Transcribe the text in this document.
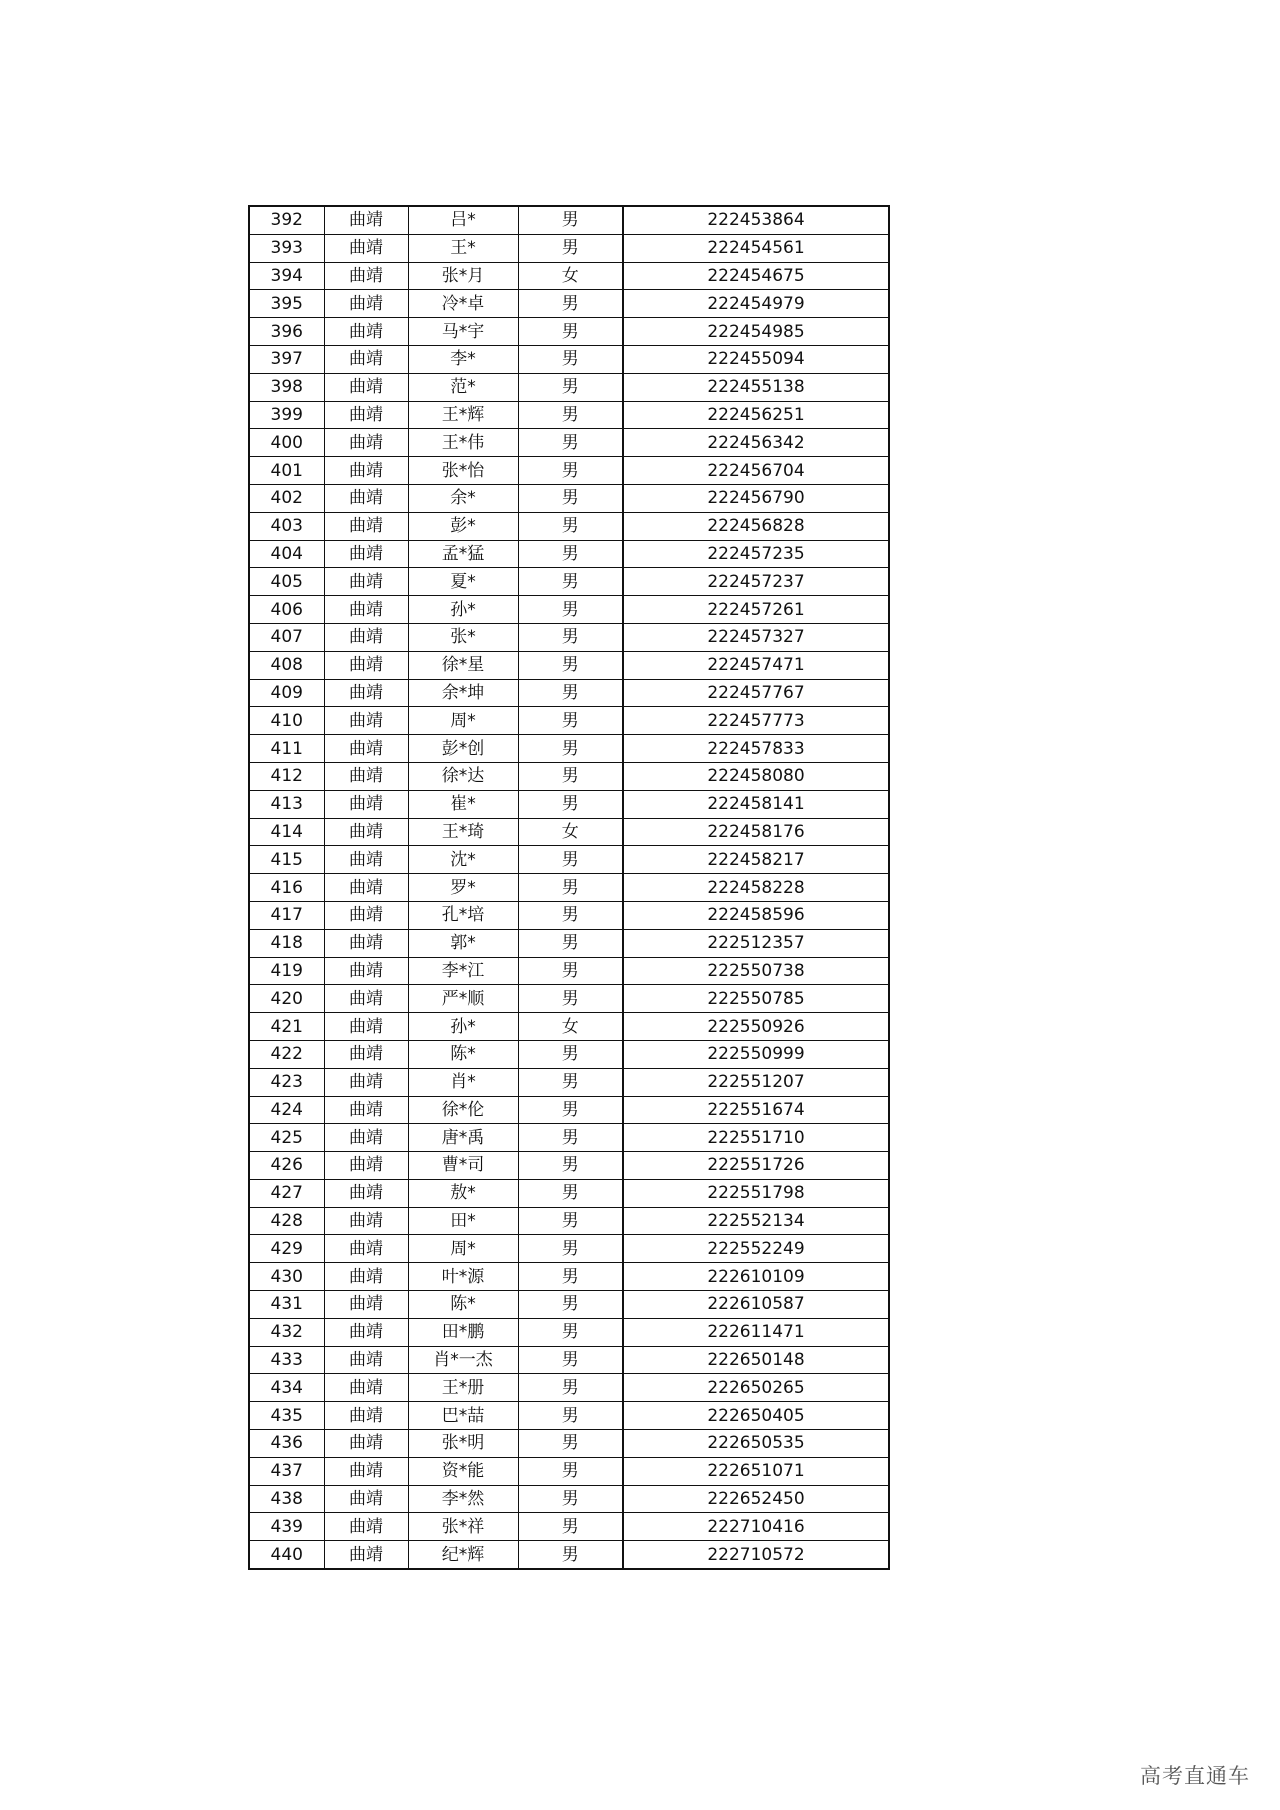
392	曲靖	吕*	男	222453864
393	曲靖	王*	男	222454561
394	曲靖	张*月	女	222454675
395	曲靖	冷*卓	男	222454979
396	曲靖	马*宇	男	222454985
397	曲靖	李*	男	222455094
398	曲靖	范*	男	222455138
399	曲靖	王*辉	男	222456251
400	曲靖	王*伟	男	222456342
401	曲靖	张*怡	男	222456704
402	曲靖	余*	男	222456790
403	曲靖	彭*	男	222456828
404	曲靖	孟*猛	男	222457235
405	曲靖	夏*	男	222457237
406	曲靖	孙*	男	222457261
407	曲靖	张*	男	222457327
408	曲靖	徐*星	男	222457471
409	曲靖	余*坤	男	222457767
410	曲靖	周*	男	222457773
411	曲靖	彭*创	男	222457833
412	曲靖	徐*达	男	222458080
413	曲靖	崔*	男	222458141
414	曲靖	王*琦	女	222458176
415	曲靖	沈*	男	222458217
416	曲靖	罗*	男	222458228
417	曲靖	孔*培	男	222458596
418	曲靖	郭*	男	222512357
419	曲靖	李*江	男	222550738
420	曲靖	严*顺	男	222550785
421	曲靖	孙*	女	222550926
422	曲靖	陈*	男	222550999
423	曲靖	肖*	男	222551207
424	曲靖	徐*伦	男	222551674
425	曲靖	唐*禹	男	222551710
426	曲靖	曹*司	男	222551726
427	曲靖	敖*	男	222551798
428	曲靖	田*	男	222552134
429	曲靖	周*	男	222552249
430	曲靖	叶*源	男	222610109
431	曲靖	陈*	男	222610587
432	曲靖	田*鹏	男	222611471
433	曲靖	肖*一杰	男	222650148
434	曲靖	王*册	男	222650265
435	曲靖	巴*喆	男	222650405
436	曲靖	张*明	男	222650535
437	曲靖	资*能	男	222651071
438	曲靖	李*然	男	222652450
439	曲靖	张*祥	男	222710416
440	曲靖	纪*辉	男	222710572
高考直通车
